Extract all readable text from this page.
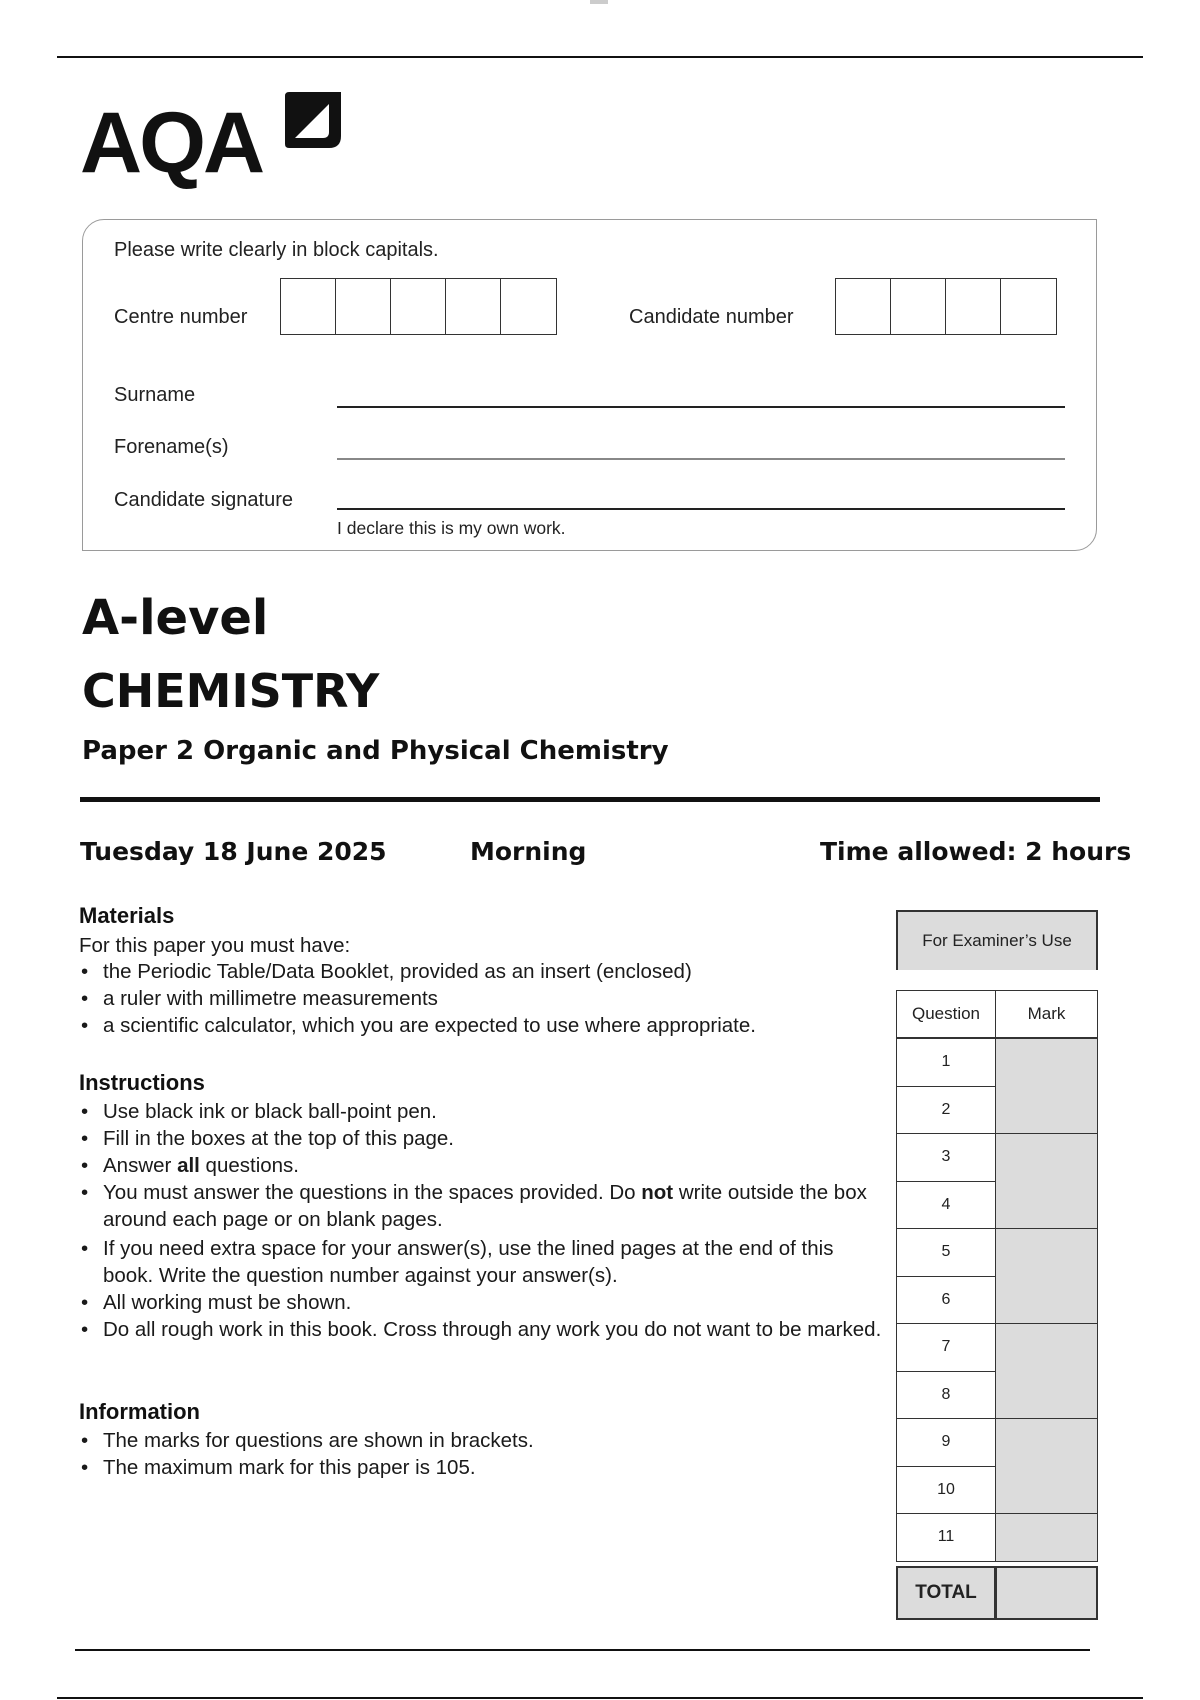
AQA
Please write clearly in block capitals.
Centre number	Candidate number
Surname
Forename(s)
Candidate signature
I declare this is my own work.
A-level
CHEMISTRY
Paper 2 Organic and Physical Chemistry
Tuesday 18 June 2025	Morning	Time allowed: 2 hours
Materials
For this paper you must have:
• the Periodic Table/Data Booklet, provided as an insert (enclosed)
• a ruler with millimetre measurements
• a scientific calculator, which you are expected to use where appropriate.
Instructions
• Use black ink or black ball-point pen.
• Fill in the boxes at the top of this page.
• Answer all questions.
• You must answer the questions in the spaces provided. Do not write outside the box around each page or on blank pages.
• If you need extra space for your answer(s), use the lined pages at the end of this book. Write the question number against your answer(s).
• All working must be shown.
• Do all rough work in this book. Cross through any work you do not want to be marked.
Information
• The marks for questions are shown in brackets.
• The maximum mark for this paper is 105.
For Examiner’s Use
Question	Mark
1
2
3
4
5
6
7
8
9
10
11
TOTAL
